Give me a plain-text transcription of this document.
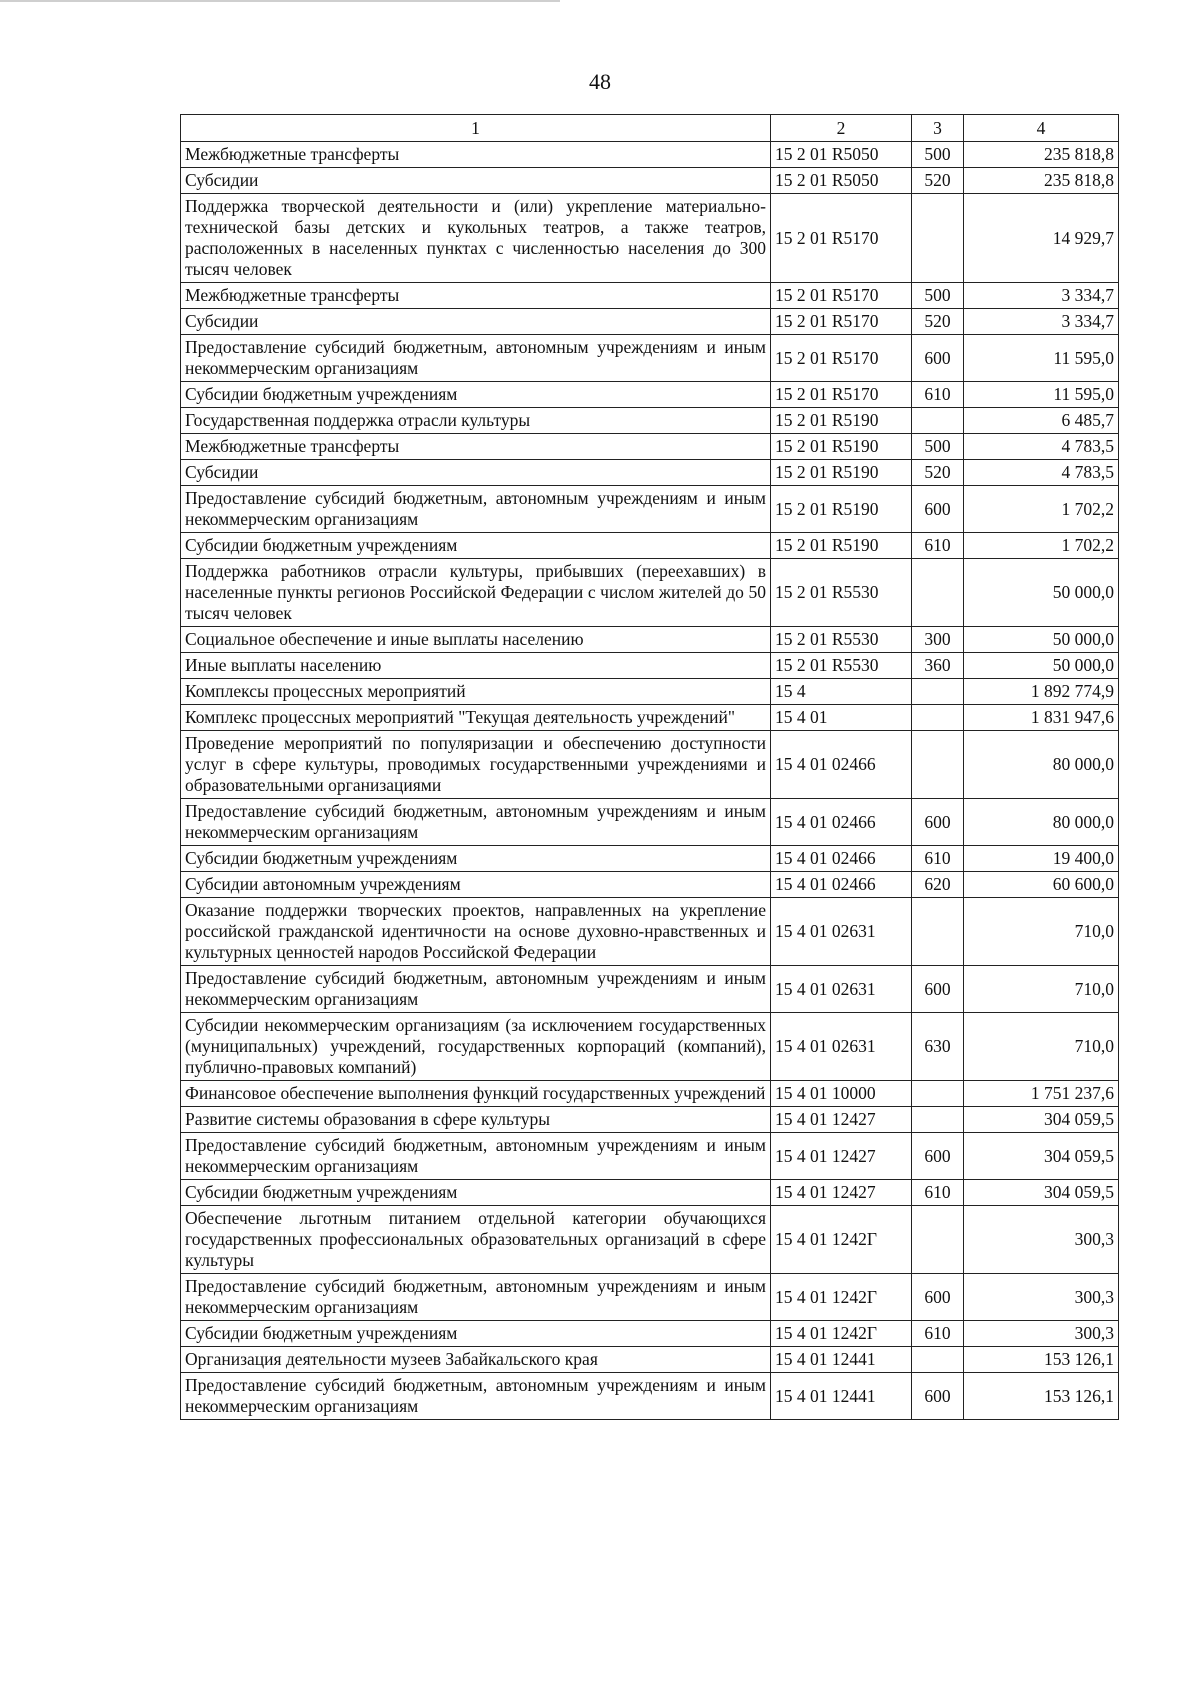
48
1	2	3	4
Межбюджетные трансферты	15 2 01 R5050	500	235 818,8
Субсидии	15 2 01 R5050	520	235 818,8
Поддержка творческой деятельности и (или) укрепление материально-технической базы детских и кукольных театров, а также театров, расположенных в населенных пунктах с численностью населения до 300 тысяч человек	15 2 01 R5170		14 929,7
Межбюджетные трансферты	15 2 01 R5170	500	3 334,7
Субсидии	15 2 01 R5170	520	3 334,7
Предоставление субсидий бюджетным, автономным учреждениям и иным некоммерческим организациям	15 2 01 R5170	600	11 595,0
Субсидии бюджетным учреждениям	15 2 01 R5170	610	11 595,0
Государственная поддержка отрасли культуры	15 2 01 R5190		6 485,7
Межбюджетные трансферты	15 2 01 R5190	500	4 783,5
Субсидии	15 2 01 R5190	520	4 783,5
Предоставление субсидий бюджетным, автономным учреждениям и иным некоммерческим организациям	15 2 01 R5190	600	1 702,2
Субсидии бюджетным учреждениям	15 2 01 R5190	610	1 702,2
Поддержка работников отрасли культуры, прибывших (переехавших) в населенные пункты регионов Российской Федерации с числом жителей до 50 тысяч человек	15 2 01 R5530		50 000,0
Социальное обеспечение и иные выплаты населению	15 2 01 R5530	300	50 000,0
Иные выплаты населению	15 2 01 R5530	360	50 000,0
Комплексы процессных мероприятий	15 4		1 892 774,9
Комплекс процессных мероприятий "Текущая деятельность учреждений"	15 4 01		1 831 947,6
Проведение мероприятий по популяризации и обеспечению доступности услуг в сфере культуры, проводимых государственными учреждениями и образовательными организациями	15 4 01 02466		80 000,0
Предоставление субсидий бюджетным, автономным учреждениям и иным некоммерческим организациям	15 4 01 02466	600	80 000,0
Субсидии бюджетным учреждениям	15 4 01 02466	610	19 400,0
Субсидии автономным учреждениям	15 4 01 02466	620	60 600,0
Оказание поддержки творческих проектов, направленных на укрепление российской гражданской идентичности на основе духовно-нравственных и культурных ценностей народов Российской Федерации	15 4 01 02631		710,0
Предоставление субсидий бюджетным, автономным учреждениям и иным некоммерческим организациям	15 4 01 02631	600	710,0
Субсидии некоммерческим организациям (за исключением государственных (муниципальных) учреждений, государственных корпораций (компаний), публично-правовых компаний)	15 4 01 02631	630	710,0
Финансовое обеспечение выполнения функций государственных учреждений	15 4 01 10000		1 751 237,6
Развитие системы образования в сфере культуры	15 4 01 12427		304 059,5
Предоставление субсидий бюджетным, автономным учреждениям и иным некоммерческим организациям	15 4 01 12427	600	304 059,5
Субсидии бюджетным учреждениям	15 4 01 12427	610	304 059,5
Обеспечение льготным питанием отдельной категории обучающихся государственных профессиональных образовательных организаций в сфере культуры	15 4 01 1242Г		300,3
Предоставление субсидий бюджетным, автономным учреждениям и иным некоммерческим организациям	15 4 01 1242Г	600	300,3
Субсидии бюджетным учреждениям	15 4 01 1242Г	610	300,3
Организация деятельности музеев Забайкальского края	15 4 01 12441		153 126,1
Предоставление субсидий бюджетным, автономным учреждениям и иным некоммерческим организациям	15 4 01 12441	600	153 126,1
